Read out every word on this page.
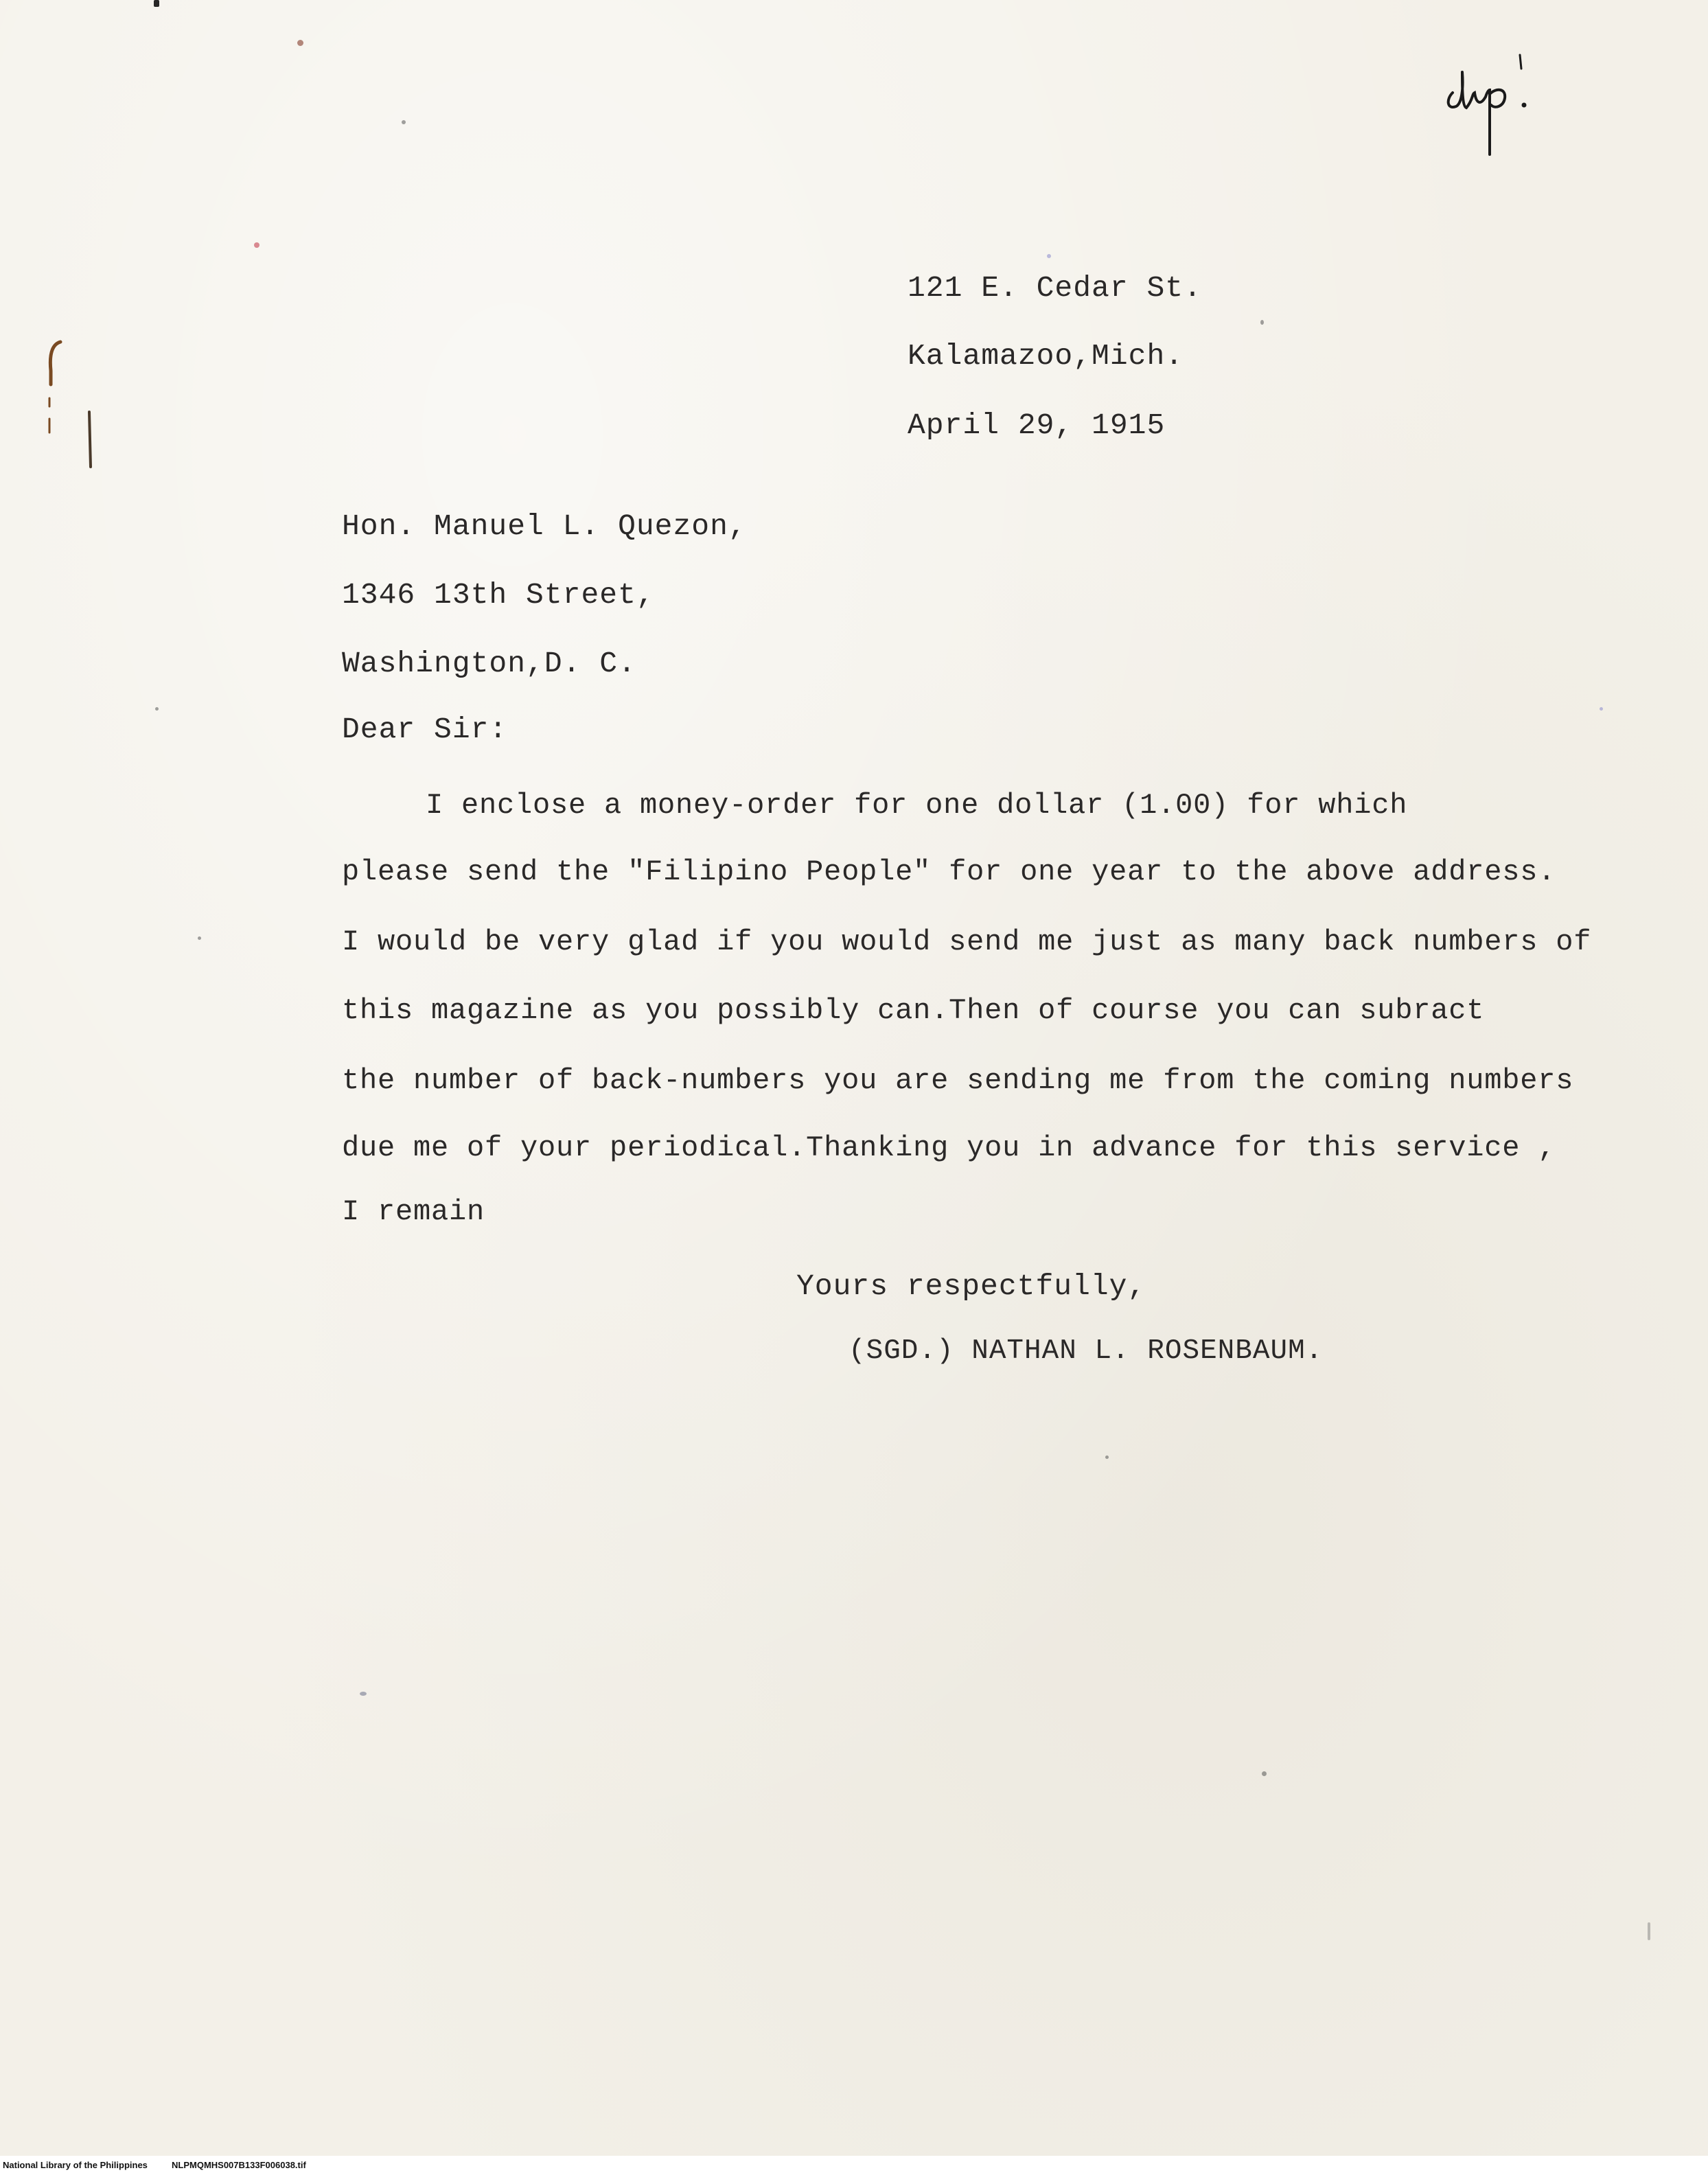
121 E. Cedar St.
Kalamazoo,Mich.
April 29, 1915
Hon. Manuel L. Quezon,
1346 13th Street,
Washington,D. C.
Dear Sir:
I enclose a money-order for one dollar (1.00) for which
please send the "Filipino People" for one year to the above address.
I would be very glad if you would send me just as many back numbers of
this magazine as you possibly can.Then of course you can subract
the number of back-numbers you are sending me from the coming numbers
due me of your periodical.Thanking you in advance for this service ,
I remain
Yours respectfully,
(SGD.) NATHAN L. ROSENBAUM.
National Library of the Philippines	NLPMQMHS007B133F006038.tif
